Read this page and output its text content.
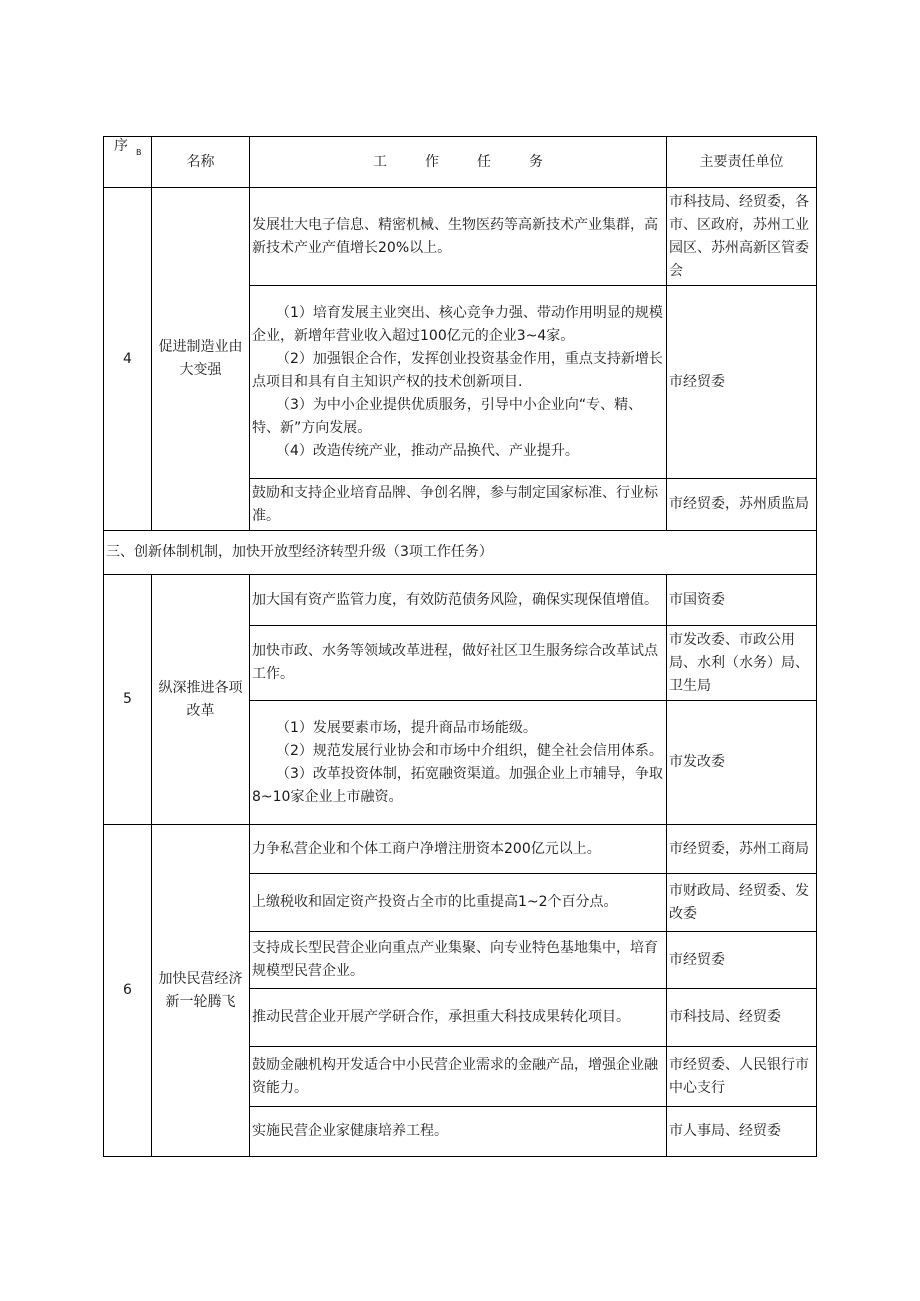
序 B	名称	工作任务	主要责任单位
4	促进制造业由大变强	发展壮大电子信息、精密机械、生物医药等高新技术产业集群，高新技术产业产值增长20%以上。	市科技局、经贸委，各市、区政府，苏州工业园区、苏州高新区管委会

		（1）培育发展主业突出、核心竞争力强、带动作用明显的规模企业，新增年营业收入超过100亿元的企业3~4家。
（2）加强银企合作，发挥创业投资基金作用，重点支持新增长点项目和具有自主知识产权的技术创新项目.
（3）为中小企业提供优质服务，引导中小企业向“专、精、特、新”方向发展。
（4）改造传统产业，推动产品换代、产业提升。	市经贸委
		鼓励和支持企业培育品牌、争创名牌，参与制定国家标准、行业标准。	市经贸委，苏州质监局
三、创新体制机制，加快开放型经济转型升级（3项工作任务）			
5	纵深推进各项改革	加大国有资产监管力度，有效防范债务风险，确保实现保值增值。	市国资委
		加快市政、水务等领域改革进程，做好社区卫生服务综合改革试点工作。	市发改委、市政公用局、水利（水务）局、卫生局

		（1）发展要素市场，提升商品市场能级。
（2）规范发展行业协会和市场中介组织，健全社会信用体系。
（3）改革投资体制，拓宽融资渠道。加强企业上市辅导，争取8~10家企业上市融资。	市发改委
6	加快民营经济新一轮腾飞	力争私营企业和个体工商户净增注册资本200亿元以上。	市经贸委，苏州工商局
		上缴税收和固定资产投资占全市的比重提高1~2个百分点。	市财政局、经贸委、发改委
		支持成长型民营企业向重点产业集聚、向专业特色基地集中，培育规模型民营企业。	市经贸委
		推动民营企业开展产学研合作，承担重大科技成果转化项目。	市科技局、经贸委
		鼓励金融机构开发适合中小民营企业需求的金融产品，增强企业融资能力。	市经贸委、人民银行市中心支行
		实施民营企业家健康培养工程。	市人事局、经贸委
